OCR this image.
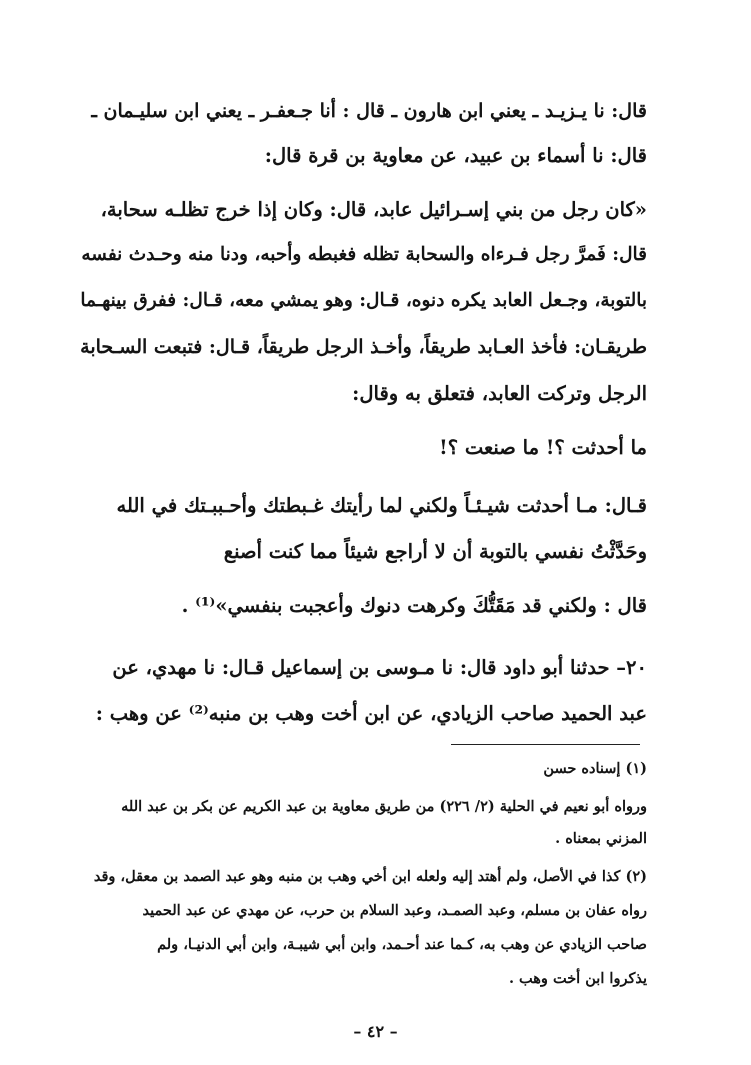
قال: نا يـزيـد ـ يعني ابن هارون ـ قال : أنا جـعفـر ـ يعني ابن سليـمان ـ

قال: نا أسماء بن عبيد، عن معاوية بن قرة قال:

«كان رجل من بني إسـرائيل عابد، قال: وكان إذا خرج تظلـه سحابة،

قال: فَمرَّ رجل فـرءاه والسحابة تظله فغبطه وأحبه، ودنا منه وحـدث نفسه

بالتوبة، وجـعل العابد يكره دنوه، قـال: وهو يمشي معه، قـال: ففرق بينهـما

طريقـان: فأخذ العـابد طريقاً، وأخـذ الرجل طريقاً، قـال: فتبعت السـحابة

الرجل وتركت العابد، فتعلق به وقال:

ما أحدثت ؟! ما صنعت ؟!

قـال: مـا أحدثت شيـئـاً ولكني لما رأيتك غـبطتك وأحـببـتك في الله

وحَدَّثْتُ نفسي بالتوبة أن لا أراجع شيئاً مما كنت أصنع

قال : ولكني قد مَقَتُّكَ وكرهت دنوك وأعجبت بنفسي»⁽¹⁾ .

٢٠– حدثنا أبو داود قال: نا مـوسى بن إسماعيل قـال: نا مهدي، عن

عبد الحميد صاحب الزيادي، عن ابن أخت وهب بن منبه⁽²⁾ عن وهب :

(١) إسناده حسن

ورواه أبو نعيم في الحلية (٢/ ٢٢٦) من طريق معاوية بن عبد الكريم عن بكر بن عبد الله

المزني بمعناه .

(٢) كذا في الأصل، ولم أهتد إليه ولعله ابن أخي وهب بن منبه وهو عبد الصمد بن معقل، وقد

رواه عفان بن مسلم، وعبد الصمـد، وعبد السلام بن حرب، عن مهدي عن عبد الحميد

صاحب الزيادي عن وهب به، كـما عند أحـمد، وابن أبي شيبـة، وابن أبي الدنيـا، ولم

يذكروا ابن أخت وهب .

– ٤٢ –
